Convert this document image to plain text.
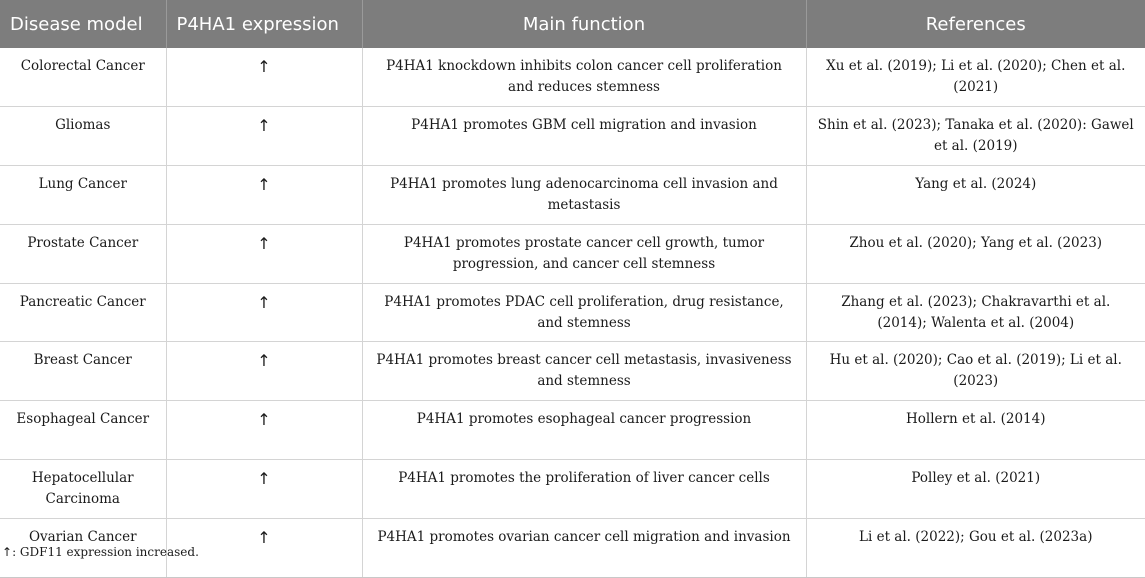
Disease model	P4HA1 expression	Main function	References
Colorectal Cancer	↑	P4HA1 knockdown inhibits colon cancer cell proliferation and reduces stemness	Xu et al. (2019); Li et al. (2020); Chen et al. (2021)
Gliomas	↑	P4HA1 promotes GBM cell migration and invasion	Shin et al. (2023); Tanaka et al. (2020): Gawel et al. (2019)
Lung Cancer	↑	P4HA1 promotes lung adenocarcinoma cell invasion and metastasis	Yang et al. (2024)
Prostate Cancer	↑	P4HA1 promotes prostate cancer cell growth, tumor progression, and cancer cell stemness	Zhou et al. (2020); Yang et al. (2023)
Pancreatic Cancer	↑	P4HA1 promotes PDAC cell proliferation, drug resistance, and stemness	Zhang et al. (2023); Chakravarthi et al. (2014); Walenta et al. (2004)
Breast Cancer	↑	P4HA1 promotes breast cancer cell metastasis, invasiveness and stemness	Hu et al. (2020); Cao et al. (2019); Li et al. (2023)
Esophageal Cancer	↑	P4HA1 promotes esophageal cancer progression	Hollern et al. (2014)
Hepatocellular Carcinoma	↑	P4HA1 promotes the proliferation of liver cancer cells	Polley et al. (2021)
Ovarian Cancer	↑	P4HA1 promotes ovarian cancer cell migration and invasion	Li et al. (2022); Gou et al. (2023a)
↑: GDF11 expression increased.
